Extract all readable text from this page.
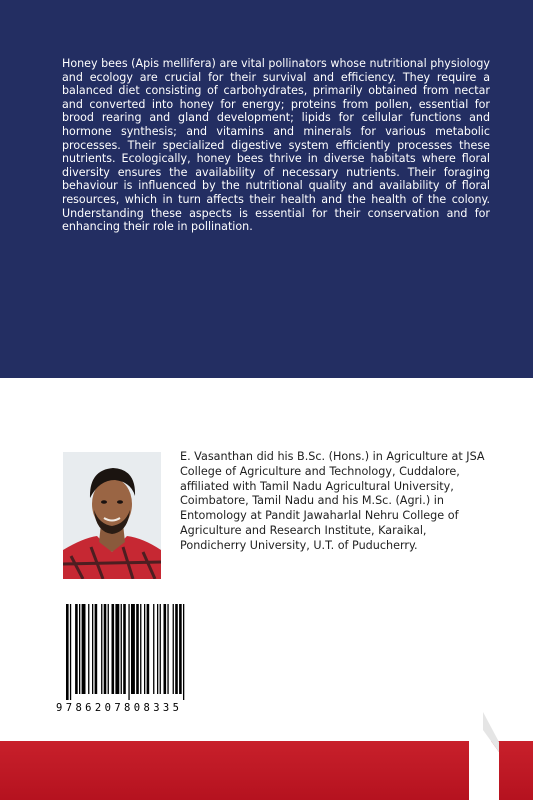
Honey bees (Apis mellifera) are vital pollinators whose nutritional physiology and ecology are crucial for their survival and efficiency. They require a balanced diet consisting of carbohydrates, primarily obtained from nectar and converted into honey for energy; proteins from pollen, essential for brood rearing and gland development; lipids for cellular functions and hormone synthesis; and vitamins and minerals for various metabolic processes. Their specialized digestive system efficiently processes these nutrients. Ecologically, honey bees thrive in diverse habitats where floral diversity ensures the availability of necessary nutrients. Their foraging behaviour is influenced by the nutritional quality and availability of floral resources, which in turn affects their health and the health of the colony. Understanding these aspects is essential for their conservation and for enhancing their role in pollination.

E. Vasanthan did his B.Sc. (Hons.) in Agriculture at JSA College of Agriculture and Technology, Cuddalore, affiliated with Tamil Nadu Agricultural University, Coimbatore, Tamil Nadu and his M.Sc. (Agri.) in Entomology at Pandit Jawaharlal Nehru College of Agriculture and Research Institute, Karaikal, Pondicherry University, U.T. of Puducherry.

9786207808335
